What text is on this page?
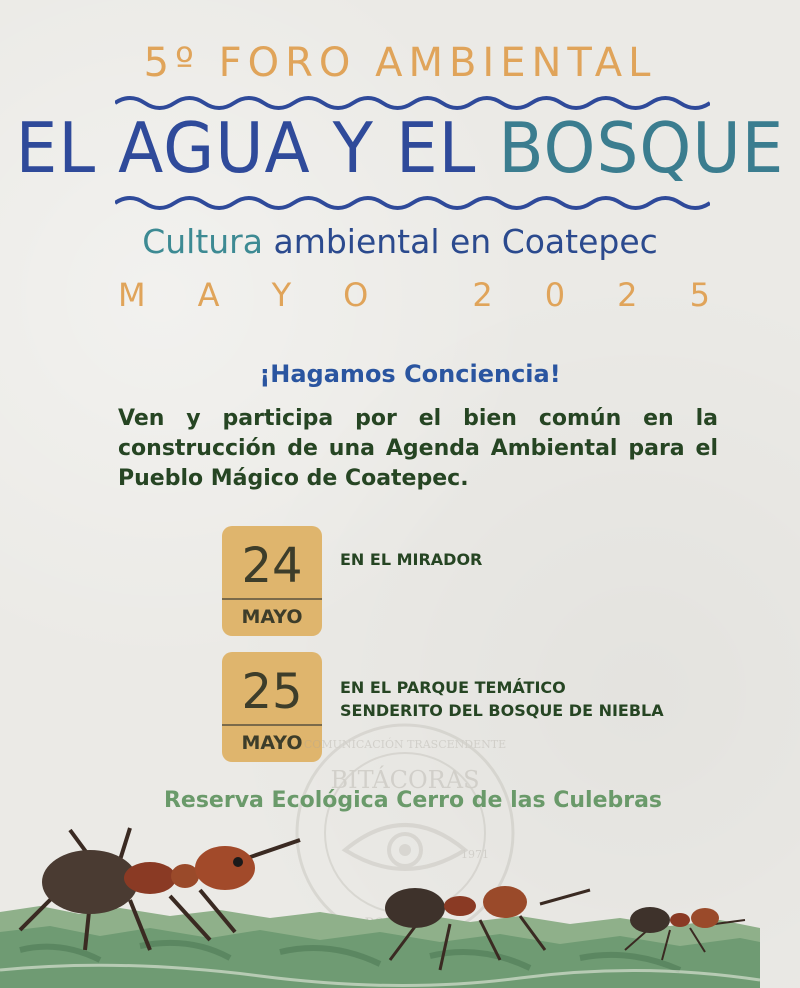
5º FORO AMBIENTAL
EL AGUA Y EL BOSQUE
Cultura ambiental en Coatepec
M A Y O	2 0 2 5
¡Hagamos Conciencia!
Ven y participa por el bien común en la construcción de una Agenda Ambiental para el Pueblo Mágico de Coatepec.
24
MAYO
EN EL MIRADOR
25
MAYO
EN EL PARQUE TEMÁTICO
SENDERITO DEL BOSQUE DE NIEBLA
COMUNICACIÓN TRASCENDENTE
BITÁCORAS
1971
Reserva Ecológica Cerro de las Culebras
